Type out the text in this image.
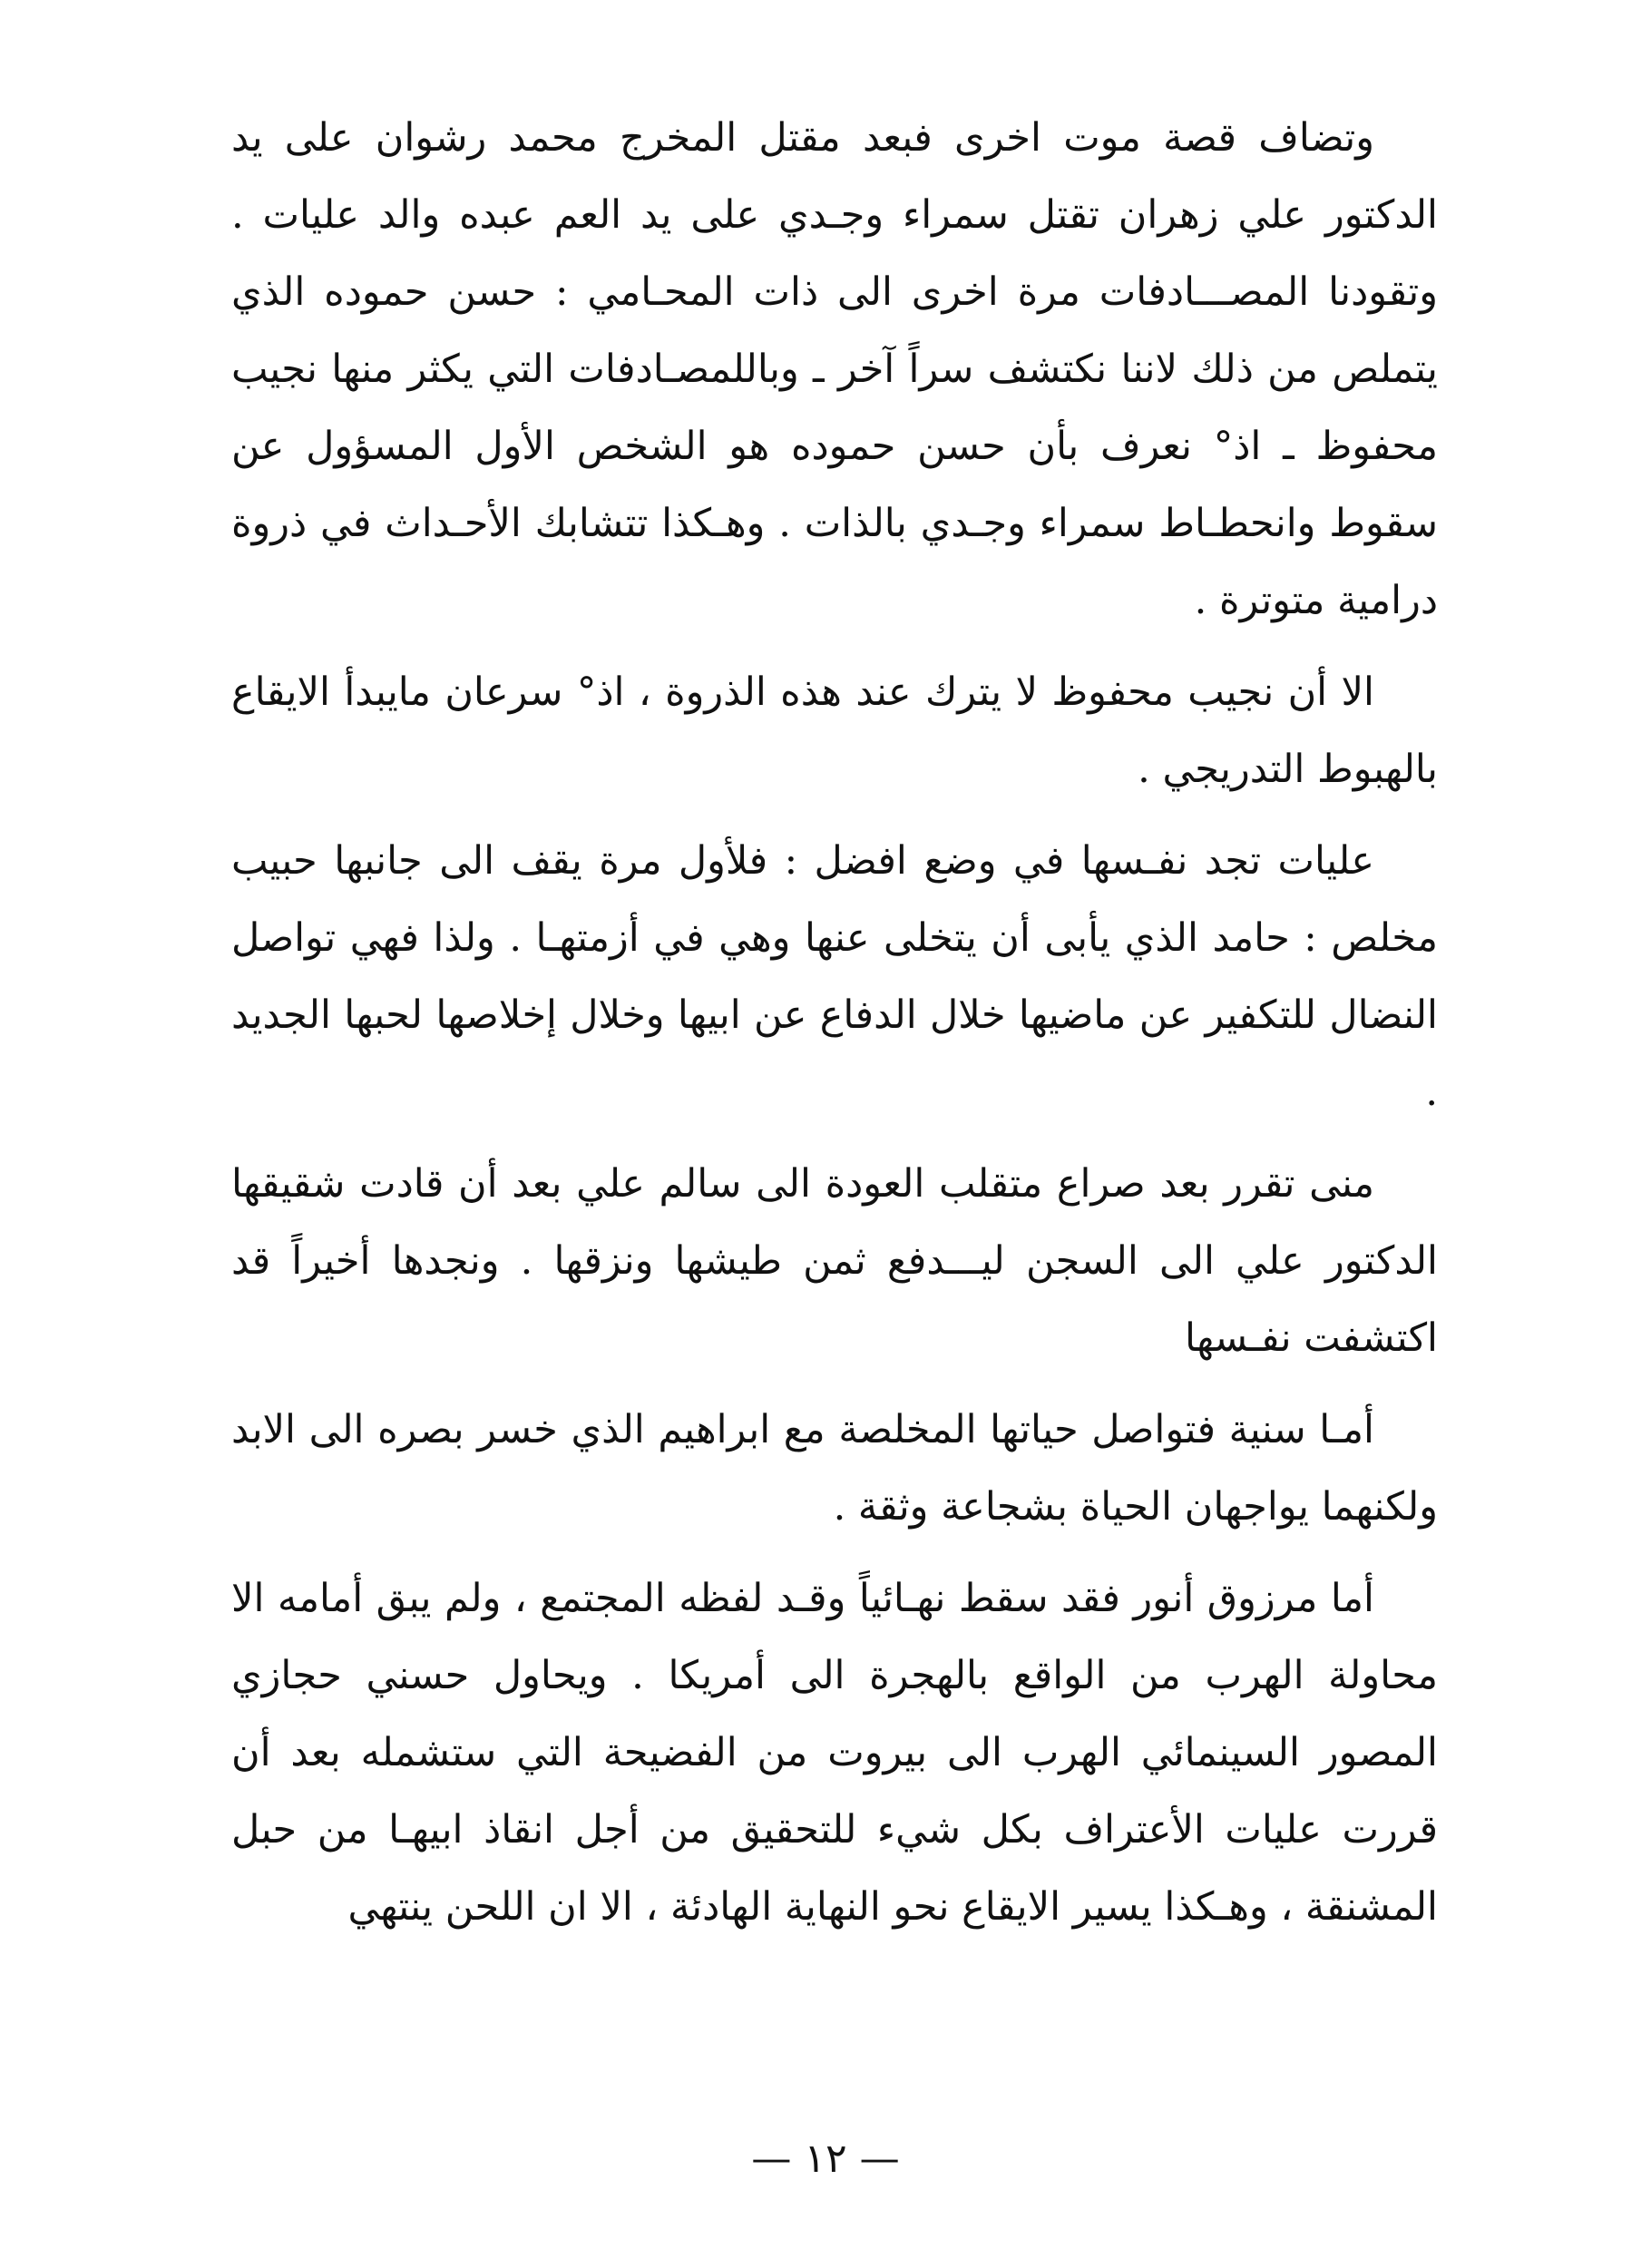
وتضاف قصة موت اخرى فبعد مقتل المخرج محمد رشوان على يد الدكتور علي زهران تقتل سمراء وجـدي على يد العم عبده والد عليات . وتقودنا المصـــادفات مرة اخرى الى ذات المحـامي : حسن حموده الذي يتملص من ذلك لاننا نكتشف سراً آخر ـ وباللمصـادفات التي يكثر منها نجيب محفوظ ـ اذ° نعرف بأن حسن حموده هو الشخص الأول المسؤول عن سقوط وانحطـاط سمراء وجـدي بالذات . وهـكذا تتشابك الأحـداث في ذروة درامية متوترة .

الا أن نجيب محفوظ لا يترك عند هذه الذروة ، اذ° سرعان مايبدأ الايقاع بالهبوط التدريجي .

عليات تجد نفـسها في وضع افضل : فلأول مرة يقف الى جانبها حبيب مخلص : حامد الذي يأبى أن يتخلى عنها وهي في أزمتهـا . ولذا فهي تواصل النضال للتكفير عن ماضيها خلال الدفاع عن ابيها وخلال إخلاصها لحبها الجديد .

منى تقرر بعد صراع متقلب العودة الى سالم علي بعد أن قادت شقيقها الدكتور علي الى السجن ليـــدفع ثمن طيشها ونزقها . ونجدها أخيراً قد اكتشفت نفـسها

أمـا سنية فتواصل حياتها المخلصة مع ابراهيم الذي خسر بصره الى الابد ولكنهما يواجهان الحياة بشجاعة وثقة .

أما مرزوق أنور فقد سقط نهـائياً وقـد لفظه المجتمع ، ولم يبق أمامه الا محاولة الهرب من الواقع بالهجرة الى أمريكا . ويحاول حسني حجازي المصور السينمائي الهرب الى بيروت من الفضيحة التي ستشمله بعد أن قررت عليات الأعتراف بكل شيء للتحقيق من أجل انقاذ ابيهـا من حبل المشنقة ، وهـكذا يسير الايقاع نحو النهاية الهادئة ، الا ان اللحن ينتهي

— ١٢ —
